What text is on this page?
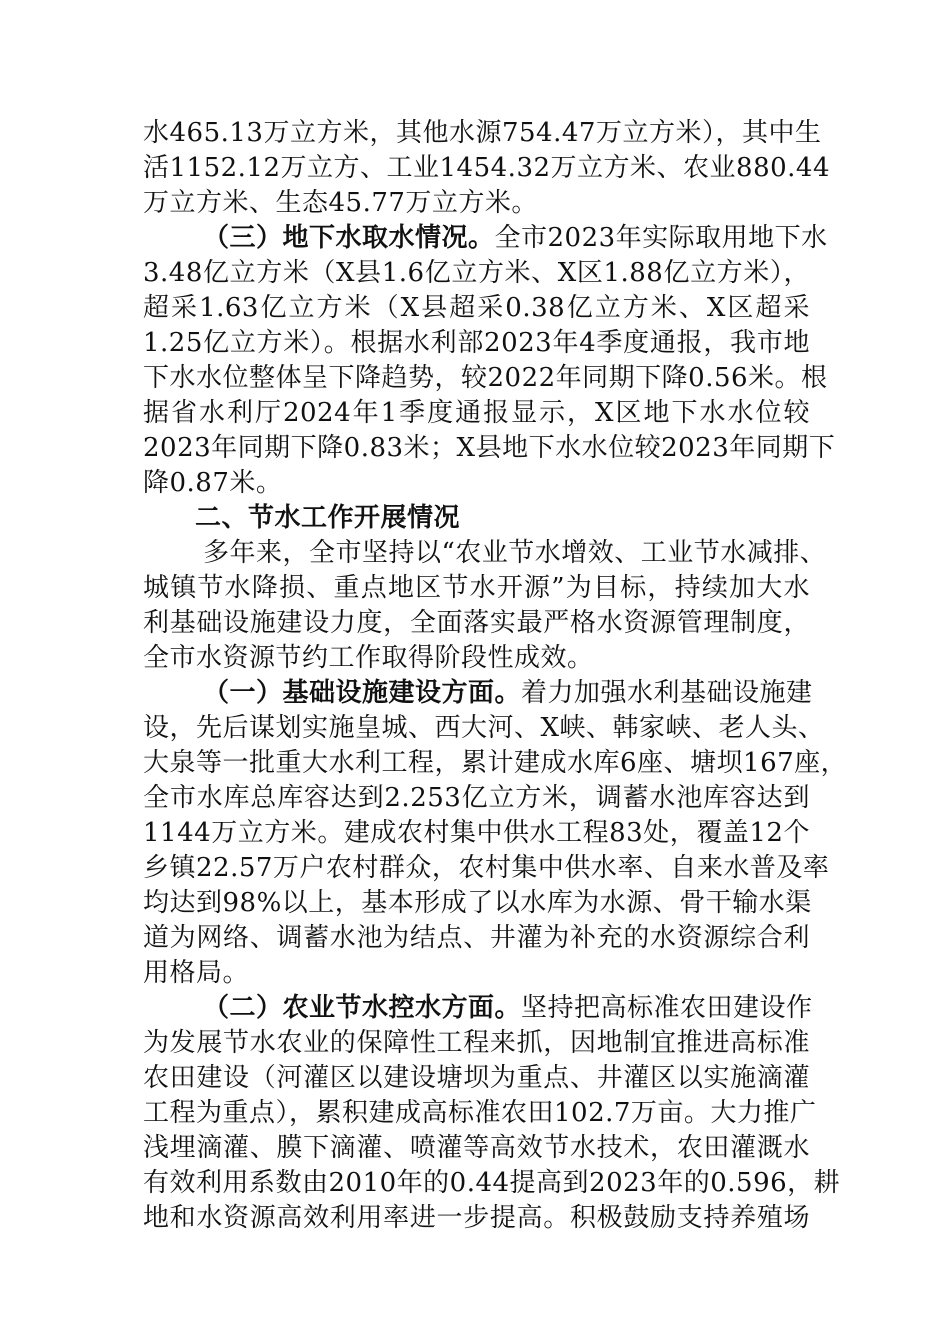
水465.13万立方米，其他水源754.47万立方米），其中生
活1152.12万立方、工业1454.32万立方米、农业880.44
万立方米、生态45.77万立方米。
（三）地下水取水情况。全市2023年实际取用地下水
3.48亿立方米（X县1.6亿立方米、X区1.88亿立方米），
超采1.63亿立方米（X县超采0.38亿立方米、X区超采
1.25亿立方米）。根据水利部2023年4季度通报，我市地
下水水位整体呈下降趋势，较2022年同期下降0.56米。根
据省水利厅2024年1季度通报显示，X区地下水水位较
2023年同期下降0.83米；X县地下水水位较2023年同期下
降0.87米。
二、节水工作开展情况
多年来，全市坚持以“农业节水增效、工业节水减排、
城镇节水降损、重点地区节水开源”为目标，持续加大水
利基础设施建设力度，全面落实最严格水资源管理制度，
全市水资源节约工作取得阶段性成效。
（一）基础设施建设方面。着力加强水利基础设施建
设，先后谋划实施皇城、西大河、X峡、韩家峡、老人头、
大泉等一批重大水利工程，累计建成水库6座、塘坝167座，
全市水库总库容达到2.253亿立方米，调蓄水池库容达到
1144万立方米。建成农村集中供水工程83处，覆盖12个
乡镇22.57万户农村群众，农村集中供水率、自来水普及率
均达到98%以上，基本形成了以水库为水源、骨干输水渠
道为网络、调蓄水池为结点、井灌为补充的水资源综合利
用格局。
（二）农业节水控水方面。坚持把高标准农田建设作
为发展节水农业的保障性工程来抓，因地制宜推进高标准
农田建设（河灌区以建设塘坝为重点、井灌区以实施滴灌
工程为重点），累积建成高标准农田102.7万亩。大力推广
浅埋滴灌、膜下滴灌、喷灌等高效节水技术，农田灌溉水
有效利用系数由2010年的0.44提高到2023年的0.596，耕
地和水资源高效利用率进一步提高。积极鼓励支持养殖场
